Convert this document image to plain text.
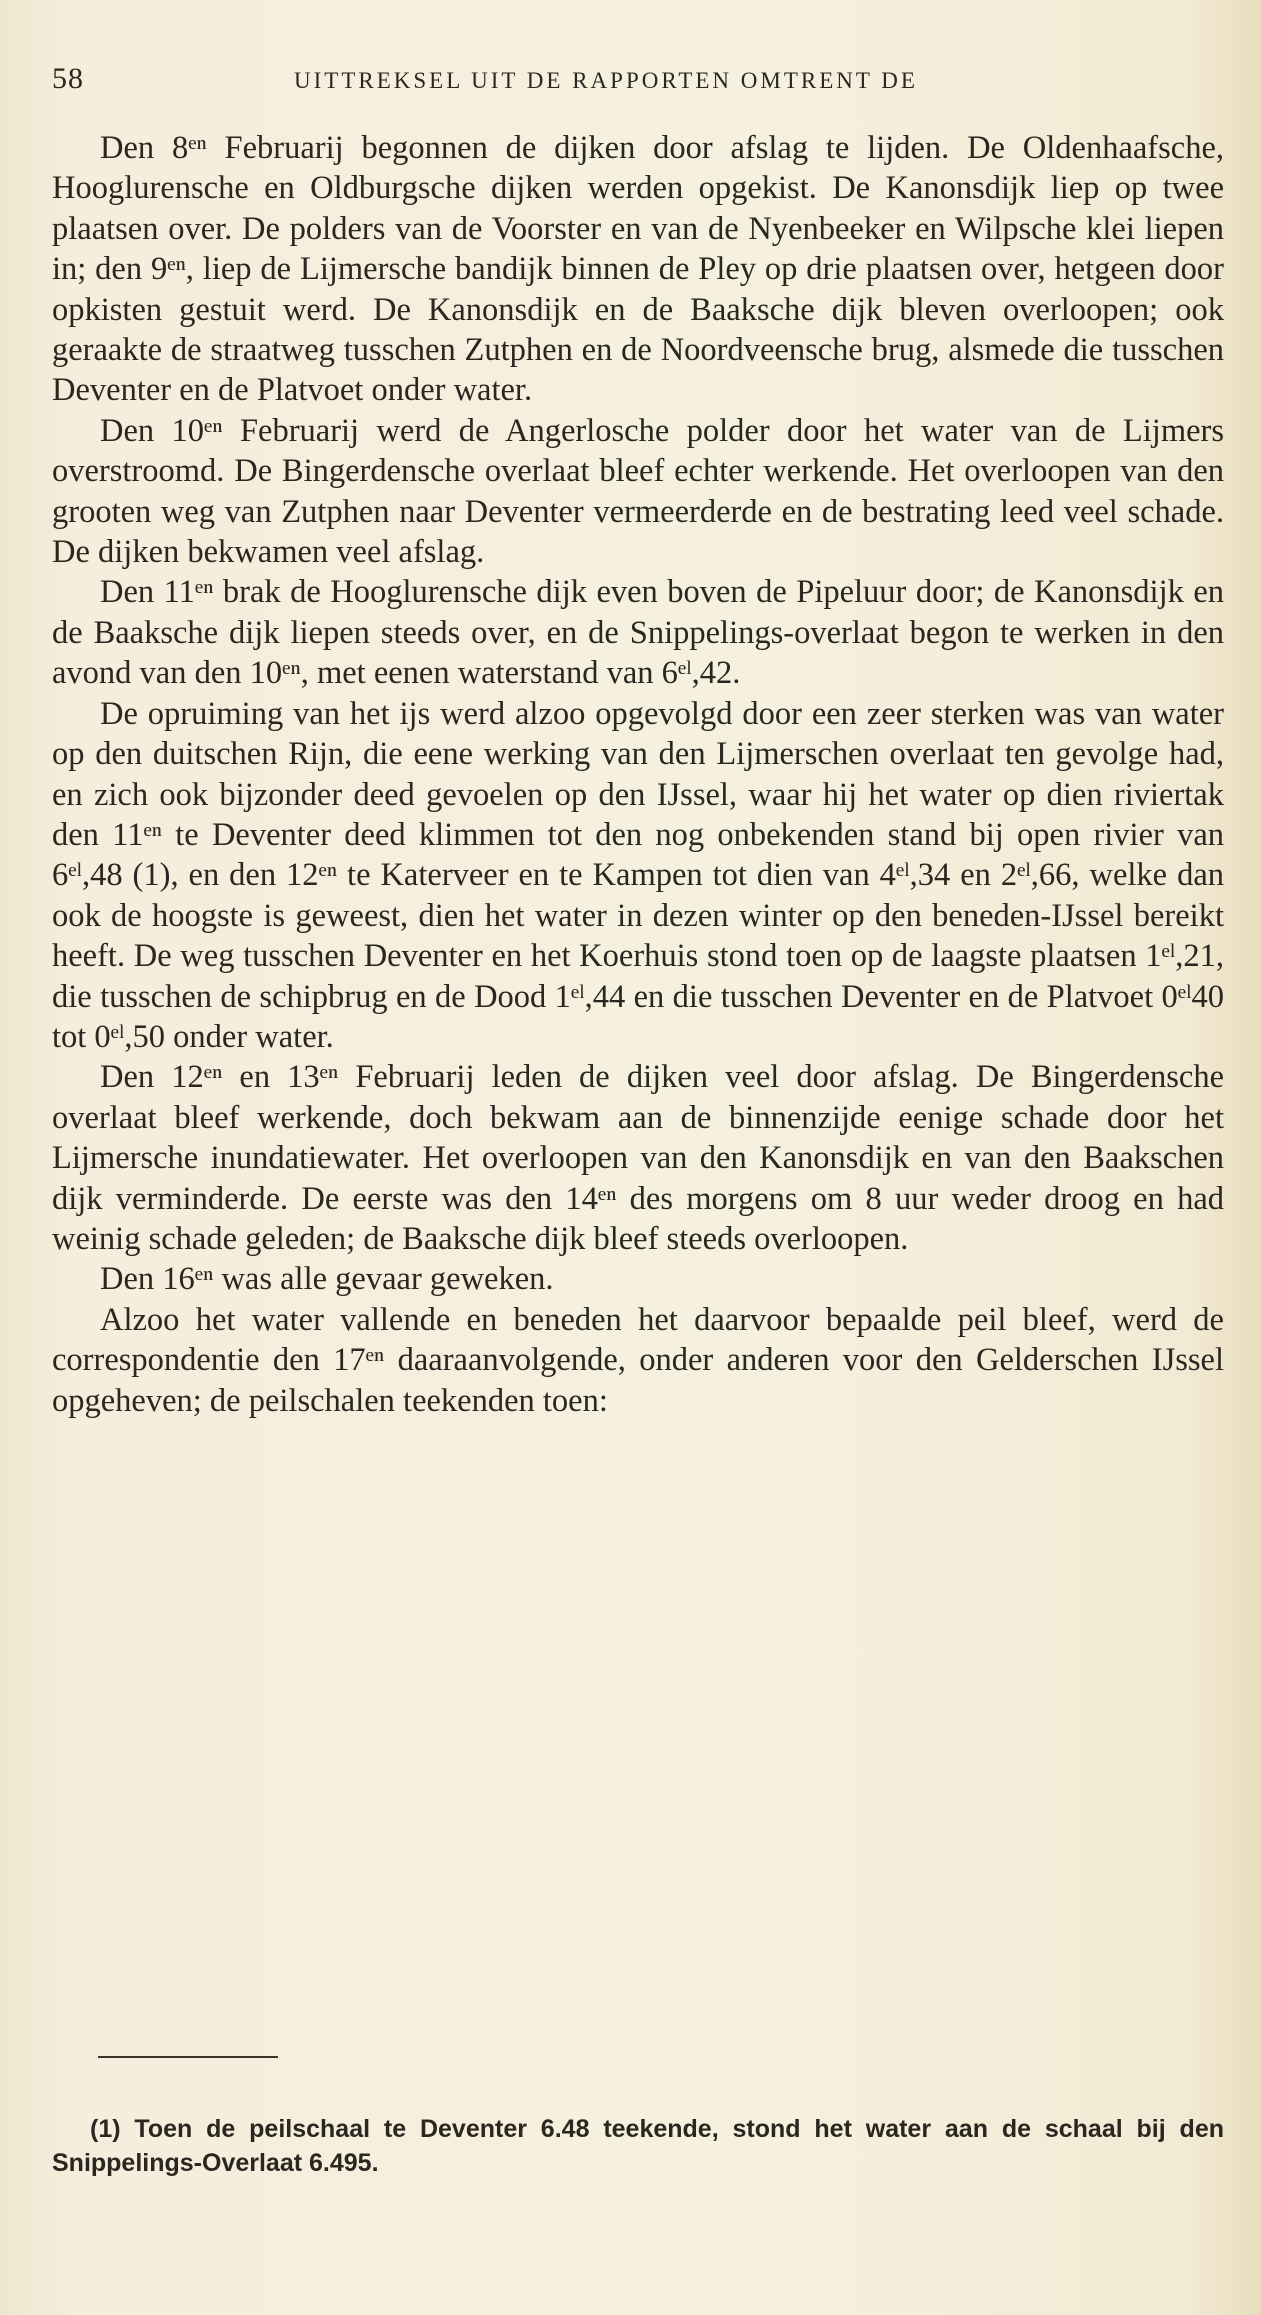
58	UITTREKSEL UIT DE RAPPORTEN OMTRENT DE

Den 8ᵉⁿ Februarij begonnen de dijken door afslag te lijden. De Oldenhaafsche, Hooglurensche en Oldburgsche dijken werden opgekist. De Kanonsdijk liep op twee plaatsen over. De polders van de Voorster en van de Nyenbeeker en Wilpsche klei liepen in; den 9ᵉⁿ, liep de Lijmersche bandijk binnen de Pley op drie plaatsen over, hetgeen door opkisten gestuit werd. De Kanonsdijk en de Baaksche dijk bleven overloopen; ook geraakte de straatweg tusschen Zutphen en de Noordveensche brug, alsmede die tusschen Deventer en de Platvoet onder water.

Den 10ᵉⁿ Februarij werd de Angerlosche polder door het water van de Lijmers overstroomd. De Bingerdensche overlaat bleef echter werkende. Het overloopen van den grooten weg van Zutphen naar Deventer vermeerderde en de bestrating leed veel schade. De dijken bekwamen veel afslag.

Den 11ᵉⁿ brak de Hooglurensche dijk even boven de Pipeluur door; de Kanonsdijk en de Baaksche dijk liepen steeds over, en de Snippelings-overlaat begon te werken in den avond van den 10ᵉⁿ, met eenen waterstand van 6ᵉˡ,42.

De opruiming van het ijs werd alzoo opgevolgd door een zeer sterken was van water op den duitschen Rijn, die eene werking van den Lijmerschen overlaat ten gevolge had, en zich ook bijzonder deed gevoelen op den IJssel, waar hij het water op dien riviertak den 11ᵉⁿ te Deventer deed klimmen tot den nog onbekenden stand bij open rivier van 6ᵉˡ,48 (1), en den 12ᵉⁿ te Katerveer en te Kampen tot dien van 4ᵉˡ,34 en 2ᵉˡ,66, welke dan ook de hoogste is geweest, dien het water in dezen winter op den beneden-IJssel bereikt heeft. De weg tusschen Deventer en het Koerhuis stond toen op de laagste plaatsen 1ᵉˡ,21, die tusschen de schipbrug en de Dood 1ᵉˡ,44 en die tusschen Deventer en de Platvoet 0ᵉˡ40 tot 0ᵉˡ,50 onder water.

Den 12ᵉⁿ en 13ᵉⁿ Februarij leden de dijken veel door afslag. De Bingerdensche overlaat bleef werkende, doch bekwam aan de binnenzijde eenige schade door het Lijmersche inundatiewater. Het overloopen van den Kanonsdijk en van den Baakschen dijk verminderde. De eerste was den 14ᵉⁿ des morgens om 8 uur weder droog en had weinig schade geleden; de Baaksche dijk bleef steeds overloopen.

Den 16ᵉⁿ was alle gevaar geweken.

Alzoo het water vallende en beneden het daarvoor bepaalde peil bleef, werd de correspondentie den 17ᵉⁿ daaraanvolgende, onder anderen voor den Gelderschen IJssel opgeheven; de peilschalen teekenden toen:

(1) Toen de peilschaal te Deventer 6.48 teekende, stond het water aan de schaal bij den Snippelings-Overlaat 6.495.
